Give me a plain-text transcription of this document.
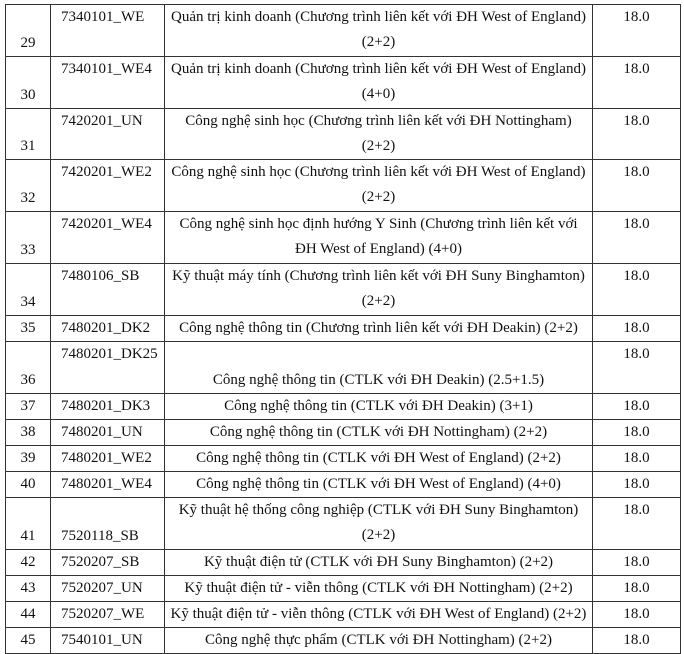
29	7340101_WE	Quản trị kinh doanh (Chương trình liên kết với ĐH West of England) (2+2)	18.0
30	7340101_WE4	Quản trị kinh doanh (Chương trình liên kết với ĐH West of England) (4+0)	18.0
31	7420201_UN	Công nghệ sinh học (Chương trình liên kết với ĐH Nottingham) (2+2)	18.0
32	7420201_WE2	Công nghệ sinh học (Chương trình liên kết với ĐH West of England) (2+2)	18.0
33	7420201_WE4	Công nghệ sinh học định hướng Y Sinh (Chương trình liên kết với ĐH West of England) (4+0)	18.0
34	7480106_SB	Kỹ thuật máy tính (Chương trình liên kết với ĐH Suny Binghamton) (2+2)	18.0
35	7480201_DK2	Công nghệ thông tin (Chương trình liên kết với ĐH Deakin) (2+2)	18.0
36	7480201_DK25	Công nghệ thông tin (CTLK với ĐH Deakin) (2.5+1.5)	18.0
37	7480201_DK3	Công nghệ thông tin (CTLK với ĐH Deakin) (3+1)	18.0
38	7480201_UN	Công nghệ thông tin (CTLK với ĐH Nottingham) (2+2)	18.0
39	7480201_WE2	Công nghệ thông tin (CTLK với ĐH West of England) (2+2)	18.0
40	7480201_WE4	Công nghệ thông tin (CTLK với ĐH West of England) (4+0)	18.0
41	7520118_SB	Kỹ thuật hệ thống công nghiệp (CTLK với ĐH Suny Binghamton) (2+2)	18.0
42	7520207_SB	Kỹ thuật điện tử (CTLK với ĐH Suny Binghamton) (2+2)	18.0
43	7520207_UN	Kỹ thuật điện tử - viễn thông (CTLK với ĐH Nottingham) (2+2)	18.0
44	7520207_WE	Kỹ thuật điện tử - viễn thông (CTLK với ĐH West of England) (2+2)	18.0
45	7540101_UN	Công nghệ thực phẩm (CTLK với ĐH Nottingham) (2+2)	18.0
